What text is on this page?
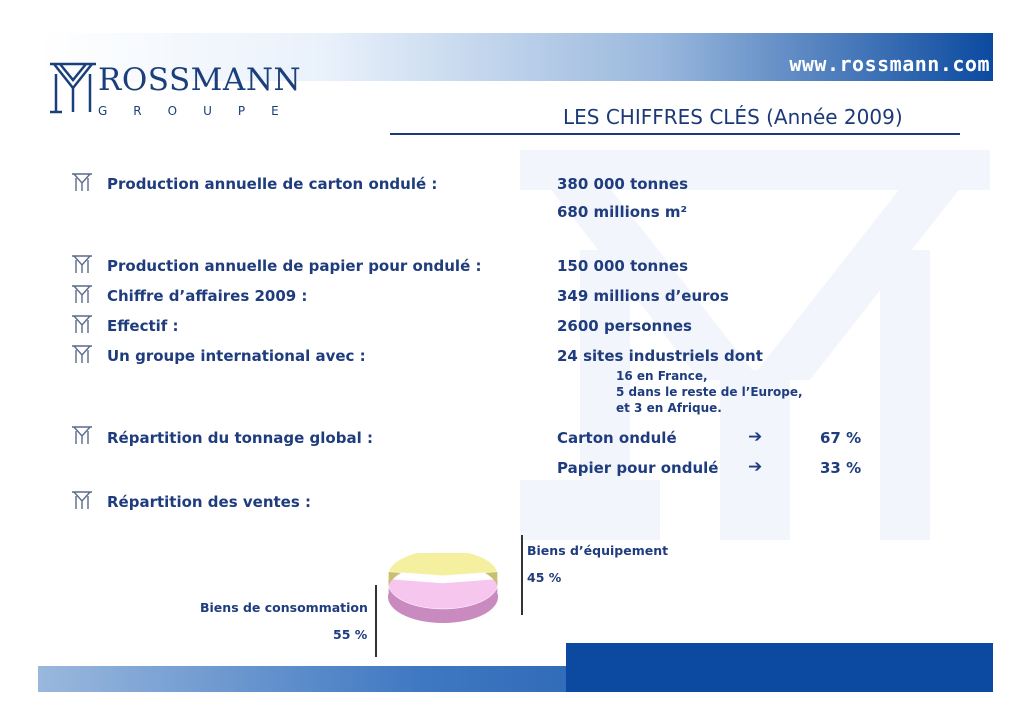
www.rossmann.com
ROSSMANN
GROUPE	LES CHIFFRES CLÉS (Année 2009)
Production annuelle de carton ondulé :	380 000 tonnes
680 millions m²
Production annuelle de papier pour ondulé :	150 000 tonnes
Chiffre d’affaires 2009 :	349 millions d’euros
Effectif :	2600 personnes
Un groupe international avec :	24 sites industriels dont
16 en France,
5 dans le reste de l’Europe,
et 3 en Afrique.
Répartition du tonnage global :	Carton ondulé	➔	67 %
Papier pour ondulé ➔	33 %
Répartition des ventes :
Biens d’équipement
45 %
Biens de consommation
55 %
